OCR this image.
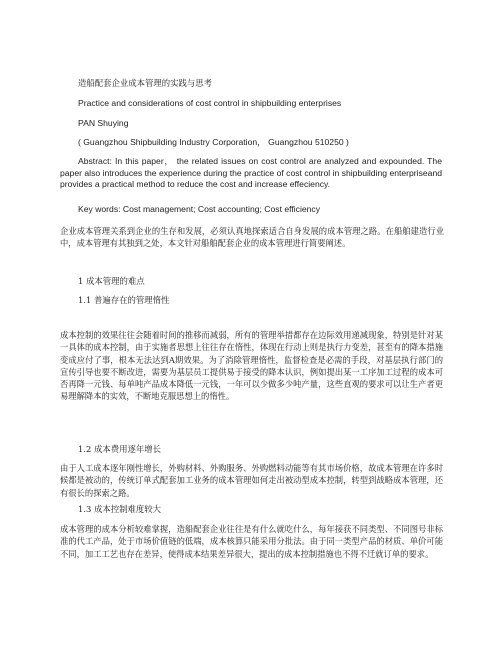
造船配套企业成本管理的实践与思考
Practice and considerations of cost control in shipbuilding enterprises
PAN Shuying
( Guangzhou Shipbuilding Industry Corporation， Guangzhou 510250 )
Abstract: In this paper， the related issues on cost control are analyzed and expounded. The paper also introduces the experience during the practice of cost control in shipbuilding enterpriseand provides a practical method to reduce the cost and increase effeciency.
Key words: Cost management; Cost accounting; Cost efficiency
企业成本管理关系到企业的生存和发展，必须认真地探索适合自身发展的成本管理之路。在船舶建造行业中，成本管理有其独到之处，本文针对船舶配套企业的成本管理进行简要阐述。
1 成本管理的难点
1.1 普遍存在的管理惰性
成本控制的效果往往会随着时间的推移而减弱，所有的管理举措都存在边际效用递减现象，特别是针对某一具体的成本控制，由于实施者思想上往往存在惰性，体现在行动上则是执行力变差，甚至有的降本措施变成应付了事，根本无法达到A期效果。为了消除管理惰性，监督检查是必需的手段，对基层执行部门的宣传引导也要不断改进，需要为基层员工提供易于接受的降本认识，例如提出某一工序加工过程的成本可否再降一元钱、每单吨产品成本降低一元钱，一年可以少做多少吨产量，这些直观的要求可以让生产者更易理解降本的实效，不断地克服思想上的惰性。
1.2 成本费用逐年增长
由于人工成本逐年刚性增长，外购材料、外购服务、外购燃料动能等有其市场价格，故成本管理在许多时候都是被动的，传统订单式配套加工业务的成本管理如何走出被动型成本控制，转型到战略成本管理，还有很长的探索之路。
1.3 成本控制难度较大
成本管理的成本分析较难掌握，造船配套企业往往是有什么就吃什么，每年接获不同类型、不同图号非标准的代工产品，处于市场价值链的低端，成本核算只能采用分批法。由于同一类型产品的材质、单价可能不同，加工工艺也存在差异，使得成本结果差异很大，提出的成本控制措施也不得不迁就订单的要求。
